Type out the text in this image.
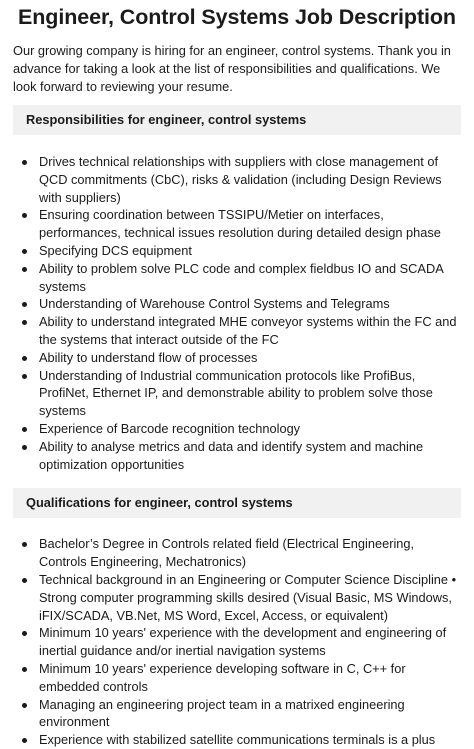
Engineer, Control Systems Job Description

Our growing company is hiring for an engineer, control systems. Thank you in advance for taking a look at the list of responsibilities and qualifications. We look forward to reviewing your resume.

Responsibilities for engineer, control systems
Drives technical relationships with suppliers with close management of QCD commitments (CbC), risks & validation (including Design Reviews with suppliers)
Ensuring coordination between TSSIPU/Metier on interfaces, performances, technical issues resolution during detailed design phase
Specifying DCS equipment
Ability to problem solve PLC code and complex fieldbus IO and SCADA systems
Understanding of Warehouse Control Systems and Telegrams
Ability to understand integrated MHE conveyor systems within the FC and the systems that interact outside of the FC
Ability to understand flow of processes
Understanding of Industrial communication protocols like ProfiBus, ProfiNet, Ethernet IP, and demonstrable ability to problem solve those systems
Experience of Barcode recognition technology
Ability to analyse metrics and data and identify system and machine optimization opportunities
Qualifications for engineer, control systems
Bachelor’s Degree in Controls related field (Electrical Engineering, Controls Engineering, Mechatronics)
Technical background in an Engineering or Computer Science Discipline • Strong computer programming skills desired (Visual Basic, MS Windows, iFIX/SCADA, VB.Net, MS Word, Excel, Access, or equivalent)
Minimum 10 years' experience with the development and engineering of inertial guidance and/or inertial navigation systems
Minimum 10 years' experience developing software in C, C++ for embedded controls
Managing an engineering project team in a matrixed engineering environment
Experience with stabilized satellite communications terminals is a plus
